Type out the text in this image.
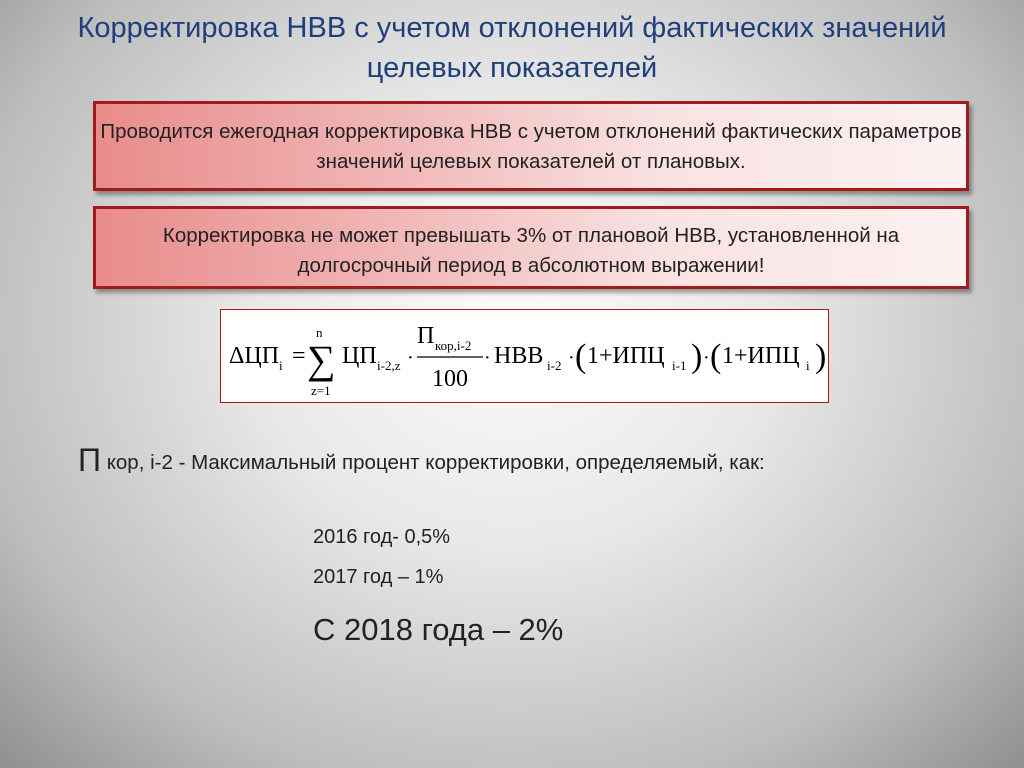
Корректировка НВВ с учетом отклонений фактических значений целевых показателей
Проводится ежегодная корректировка НВВ с учетом отклонений фактических параметров значений целевых показателей от плановых.
Корректировка не может превышать 3% от плановой НВВ, установленной на долгосрочный период в абсолютном выражении!
ΔЦП i =
n
∑
z=1
ЦП i-2,z ·
П кор,i-2
100
· НВВ i-2 · ( 1+ИПЦ i-1 ) · ( 1+ИПЦ i )
П кор, i-2 - Максимальный процент корректировки, определяемый, как:
2016 год- 0,5%
2017 год – 1%
С 2018 года – 2%
